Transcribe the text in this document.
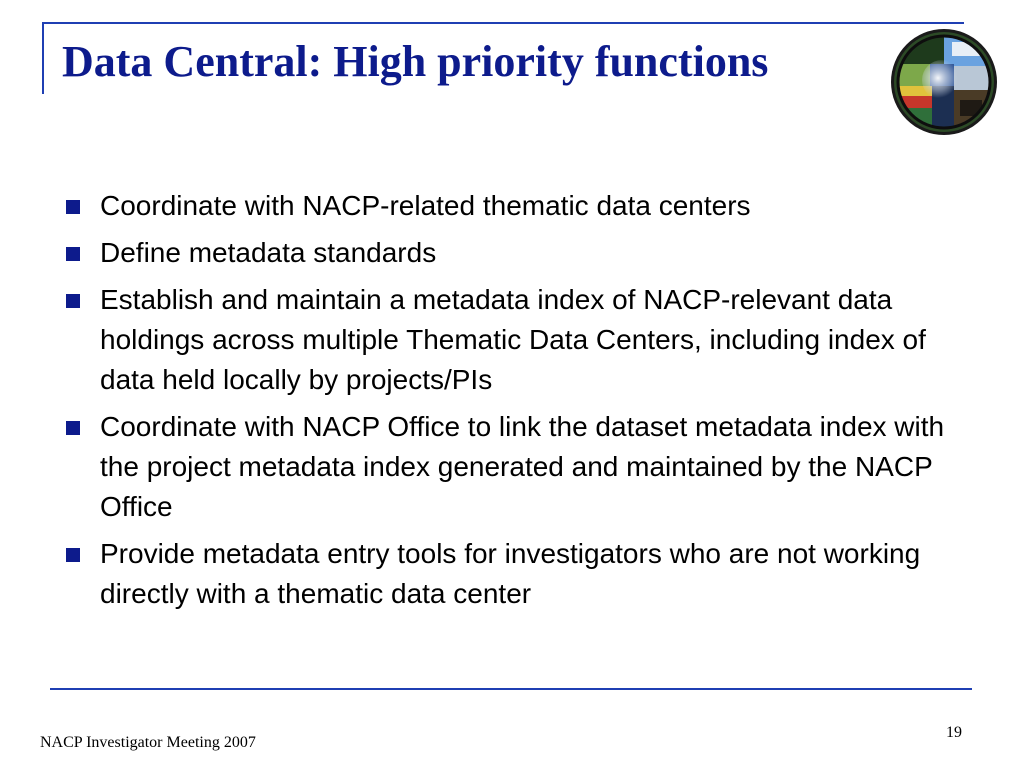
Data Central: High priority functions
Coordinate with NACP-related thematic data centers
Define metadata standards
Establish and maintain a metadata index of NACP-relevant data holdings across multiple Thematic Data Centers, including index of data held locally by projects/PIs
Coordinate with NACP Office to link the dataset metadata index with the project metadata index generated and maintained by the NACP Office
Provide metadata entry tools for investigators who are not working directly with a thematic data center

NACP Investigator Meeting 2007

19
